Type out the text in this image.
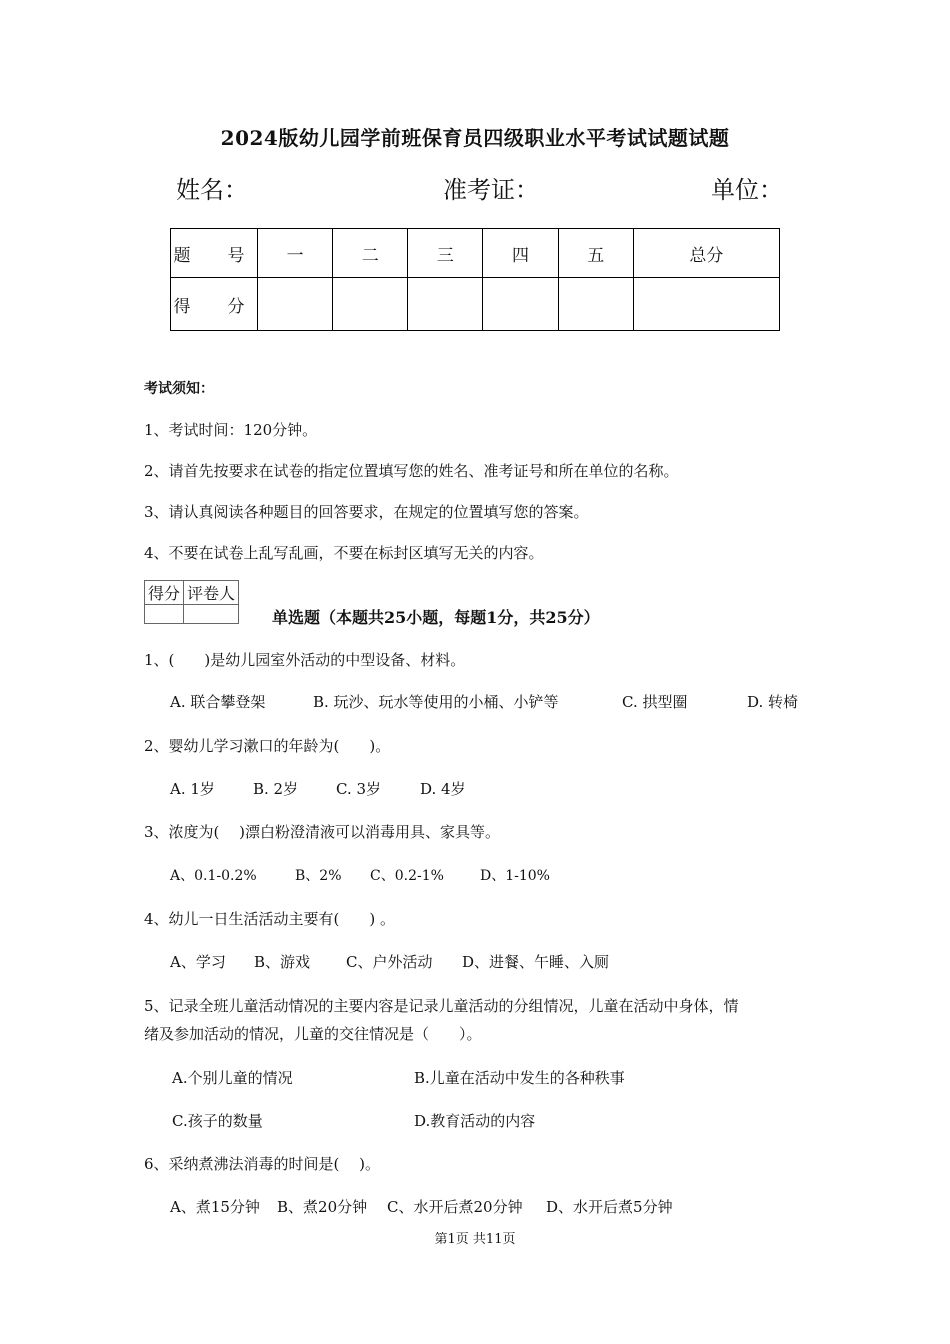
2024版幼儿园学前班保育员四级职业水平考试试题试题
姓名：	准考证：	单位：
题　号	一	二	三	四	五	总分
得　分						
考试须知：
1、考试时间：120分钟。
2、请首先按要求在试卷的指定位置填写您的姓名、准考证号和所在单位的名称。
3、请认真阅读各种题目的回答要求，在规定的位置填写您的答案。
4、不要在试卷上乱写乱画，不要在标封区填写无关的内容。
得分	评卷人

单选题（本题共25小题，每题1分，共25分）
1、(　　)是幼儿园室外活动的中型设备、材料。
A. 联合攀登架	B. 玩沙、玩水等使用的小桶、小铲等	C. 拱型圈	D. 转椅
2、婴幼儿学习漱口的年龄为(　　)。
A. 1岁	B. 2岁	C. 3岁	D. 4岁
3、浓度为(　 )漂白粉澄清液可以消毒用具、家具等。
A、0.1-0.2%	B、2% C、0.2-1%	D、1-10%
4、幼儿一日生活活动主要有(　　) 。
A、学习 B、游戏 C、户外活动 D、进餐、午睡、入厕
5、记录全班儿童活动情况的主要内容是记录儿童活动的分组情况，儿童在活动中身体，情
绪及参加活动的情况，儿童的交往情况是（　　）。
A.个别儿童的情况	B.儿童在活动中发生的各种秩事
C.孩子的数量	D.教育活动的内容
6、采纳煮沸法消毒的时间是(　 )。
A、煮15分钟 B、煮20分钟 C、水开后煮20分钟 D、水开后煮5分钟
第1页 共11页
